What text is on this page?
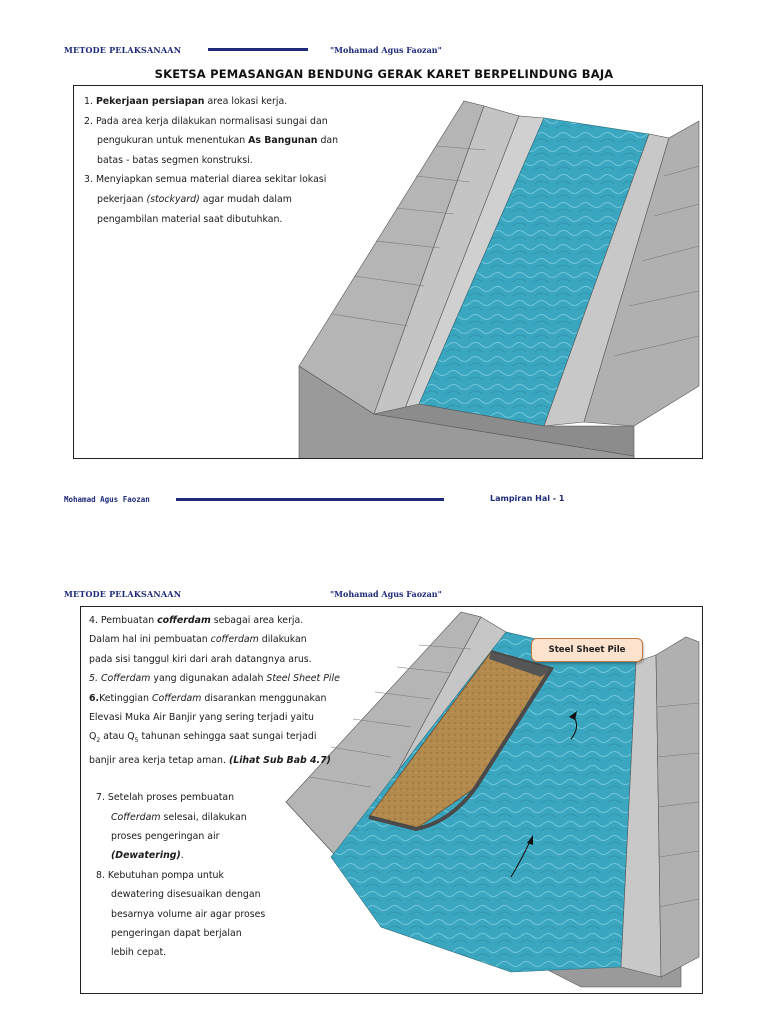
METODE PELAKSANAAN	"Mohamad Agus Faozan"
SKETSA PEMASANGAN BENDUNG GERAK KARET BERPELINDUNG BAJA
1. Pekerjaan persiapan area lokasi kerja.
2. Pada area kerja dilakukan normalisasi sungai dan
pengukuran untuk menentukan As Bangunan dan
batas - batas segmen konstruksi.
3. Menyiapkan semua material diarea sekitar lokasi
pekerjaan (stockyard) agar mudah dalam
pengambilan material saat dibutuhkan.
Mohamad Agus Faozan	Lampiran Hal - 1
METODE PELAKSANAAN	"Mohamad Agus Faozan"
4. Pembuatan cofferdam sebagai area kerja.
Dalam hal ini pembuatan cofferdam dilakukan
pada sisi tanggul kiri dari arah datangnya arus.
5. Cofferdam yang digunakan adalah Steel Sheet Pile
6.Ketinggian Cofferdam disarankan menggunakan
Elevasi Muka Air Banjir yang sering terjadi yaitu
$Q_2$ atau $Q_5$ tahunan sehingga saat sungai terjadi
banjir area kerja tetap aman. (Lihat Sub Bab 4.7)
7. Setelah proses pembuatan
Cofferdam selesai, dilakukan
proses pengeringan air
(Dewatering).
8. Kebutuhan pompa untuk
dewatering disesuaikan dengan
besarnya volume air agar proses
pengeringan dapat berjalan
lebih cepat.
Steel Sheet Pile
